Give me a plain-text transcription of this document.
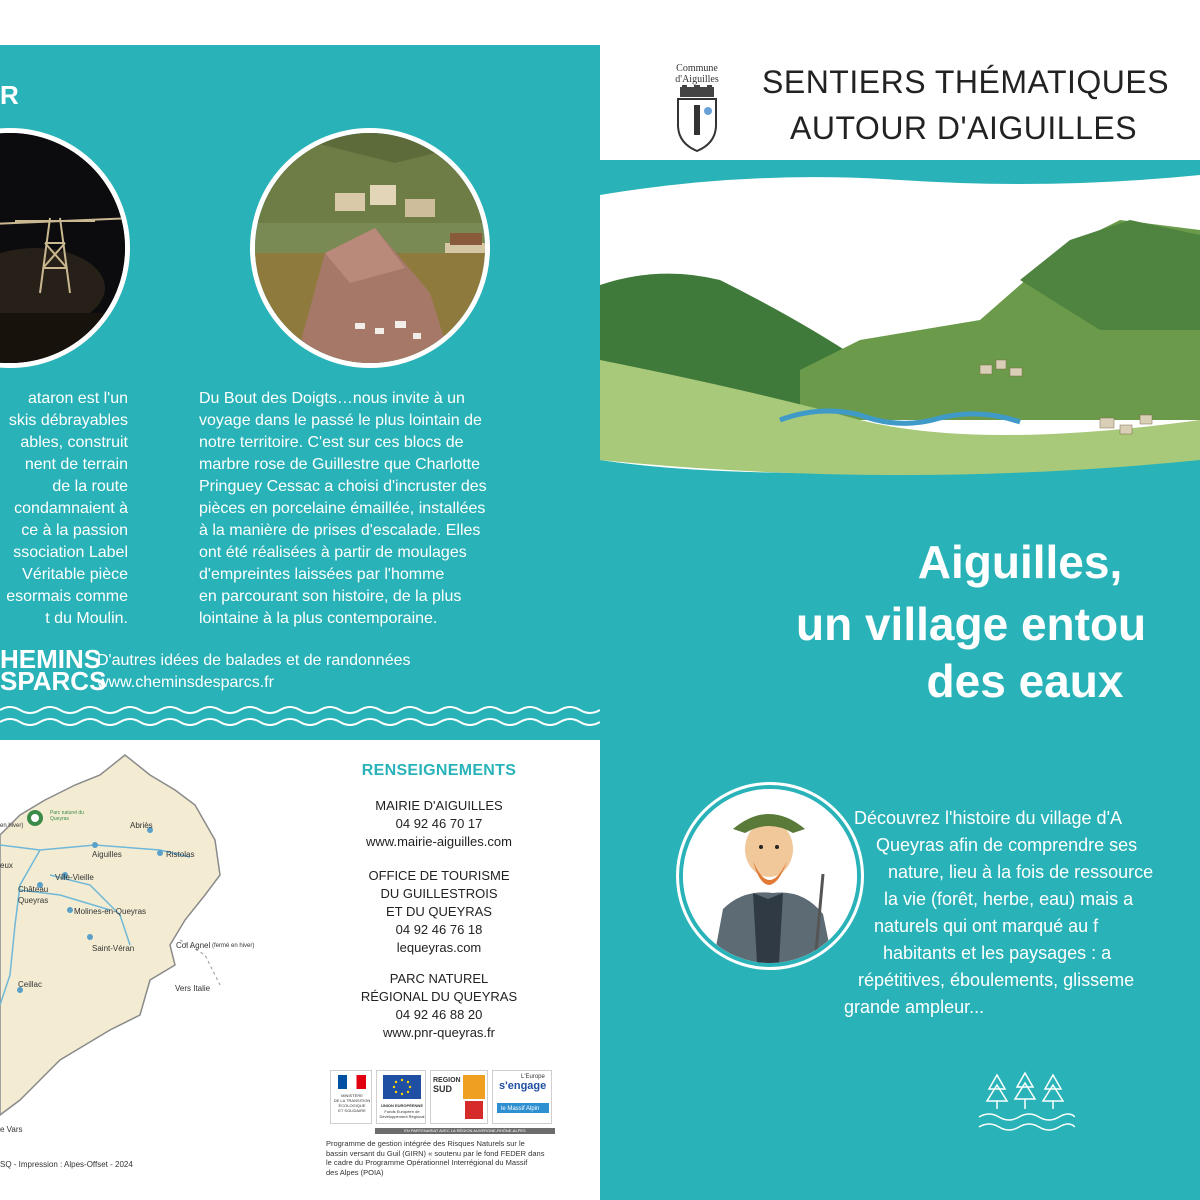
R

ataron est l'un

skis débrayables

ables, construit

nent de terrain

de la route

condamnaient à

ce à la passion

ssociation Label

Véritable pièce

esormais comme

t du Moulin.

Du Bout des Doigts…nous invite à un

voyage dans le passé le plus lointain de

notre territoire. C'est sur ces blocs de

marbre rose de Guillestre que Charlotte

Pringuey Cessac a choisi d'incruster des

pièces en porcelaine émaillée, installées

à la manière de prises d'escalade. Elles

ont été réalisées à partir de moulages

d'empreintes laissées par l'homme

en parcourant son histoire, de la plus

lointaine à la plus contemporaine.

HEMINS
SPARCS
D'autres idées de balades et de randonnées
www.cheminsdesparcs.fr
en hiver)
Parc naturel du Queyras
Abriès
Aiguilles	Ristolas
eux
Ville-Vieille
Château
Queyras
Molines-en-Queyras
Saint-Véran	Col Agnel (fermé en hiver)
Vers Italie
Ceillac
e Vars
SQ - Impression : Alpes-Offset - 2024
RENSEIGNEMENTS
MAIRIE D'AIGUILLES
04 92 46 70 17
www.mairie-aiguilles.com
OFFICE DE TOURISME
DU GUILLESTROIS
ET DU QUEYRAS
04 92 46 76 18
lequeyras.com
PARC NATUREL
RÉGIONAL DU QUEYRAS
04 92 46 88 20
www.pnr-queyras.fr
MINISTÈRE
DE LA TRANSITION
ÉCOLOGIQUE
ET SOLIDAIRE
UNION EUROPÉENNE
Fonds Européen de Développement Régional
REGION
SUD
L'Europe
s'engage
le Massif Alpin
EN PARTENARIAT AVEC LA RÉGION AUVERGNE-RHÔNE-ALPES
Programme de gestion intégrée des Risques Naturels sur le
bassin versant du Guil (GIRN) « soutenu par le fond FEDER dans
le cadre du Programme Opérationnel Interrégional du Massif
des Alpes (POIA)
Commune
d'Aiguilles SENTIERS THÉMATIQUES
AUTOUR D'AIGUILLES
Aiguilles,
un village entou
des eaux
Découvrez l'histoire du village d'A
Queyras afin de comprendre ses
nature, lieu à la fois de ressource
la vie (forêt, herbe, eau) mais a
naturels qui ont marqué au f
habitants et les paysages : a
répétitives, éboulements, glisseme
grande ampleur...
